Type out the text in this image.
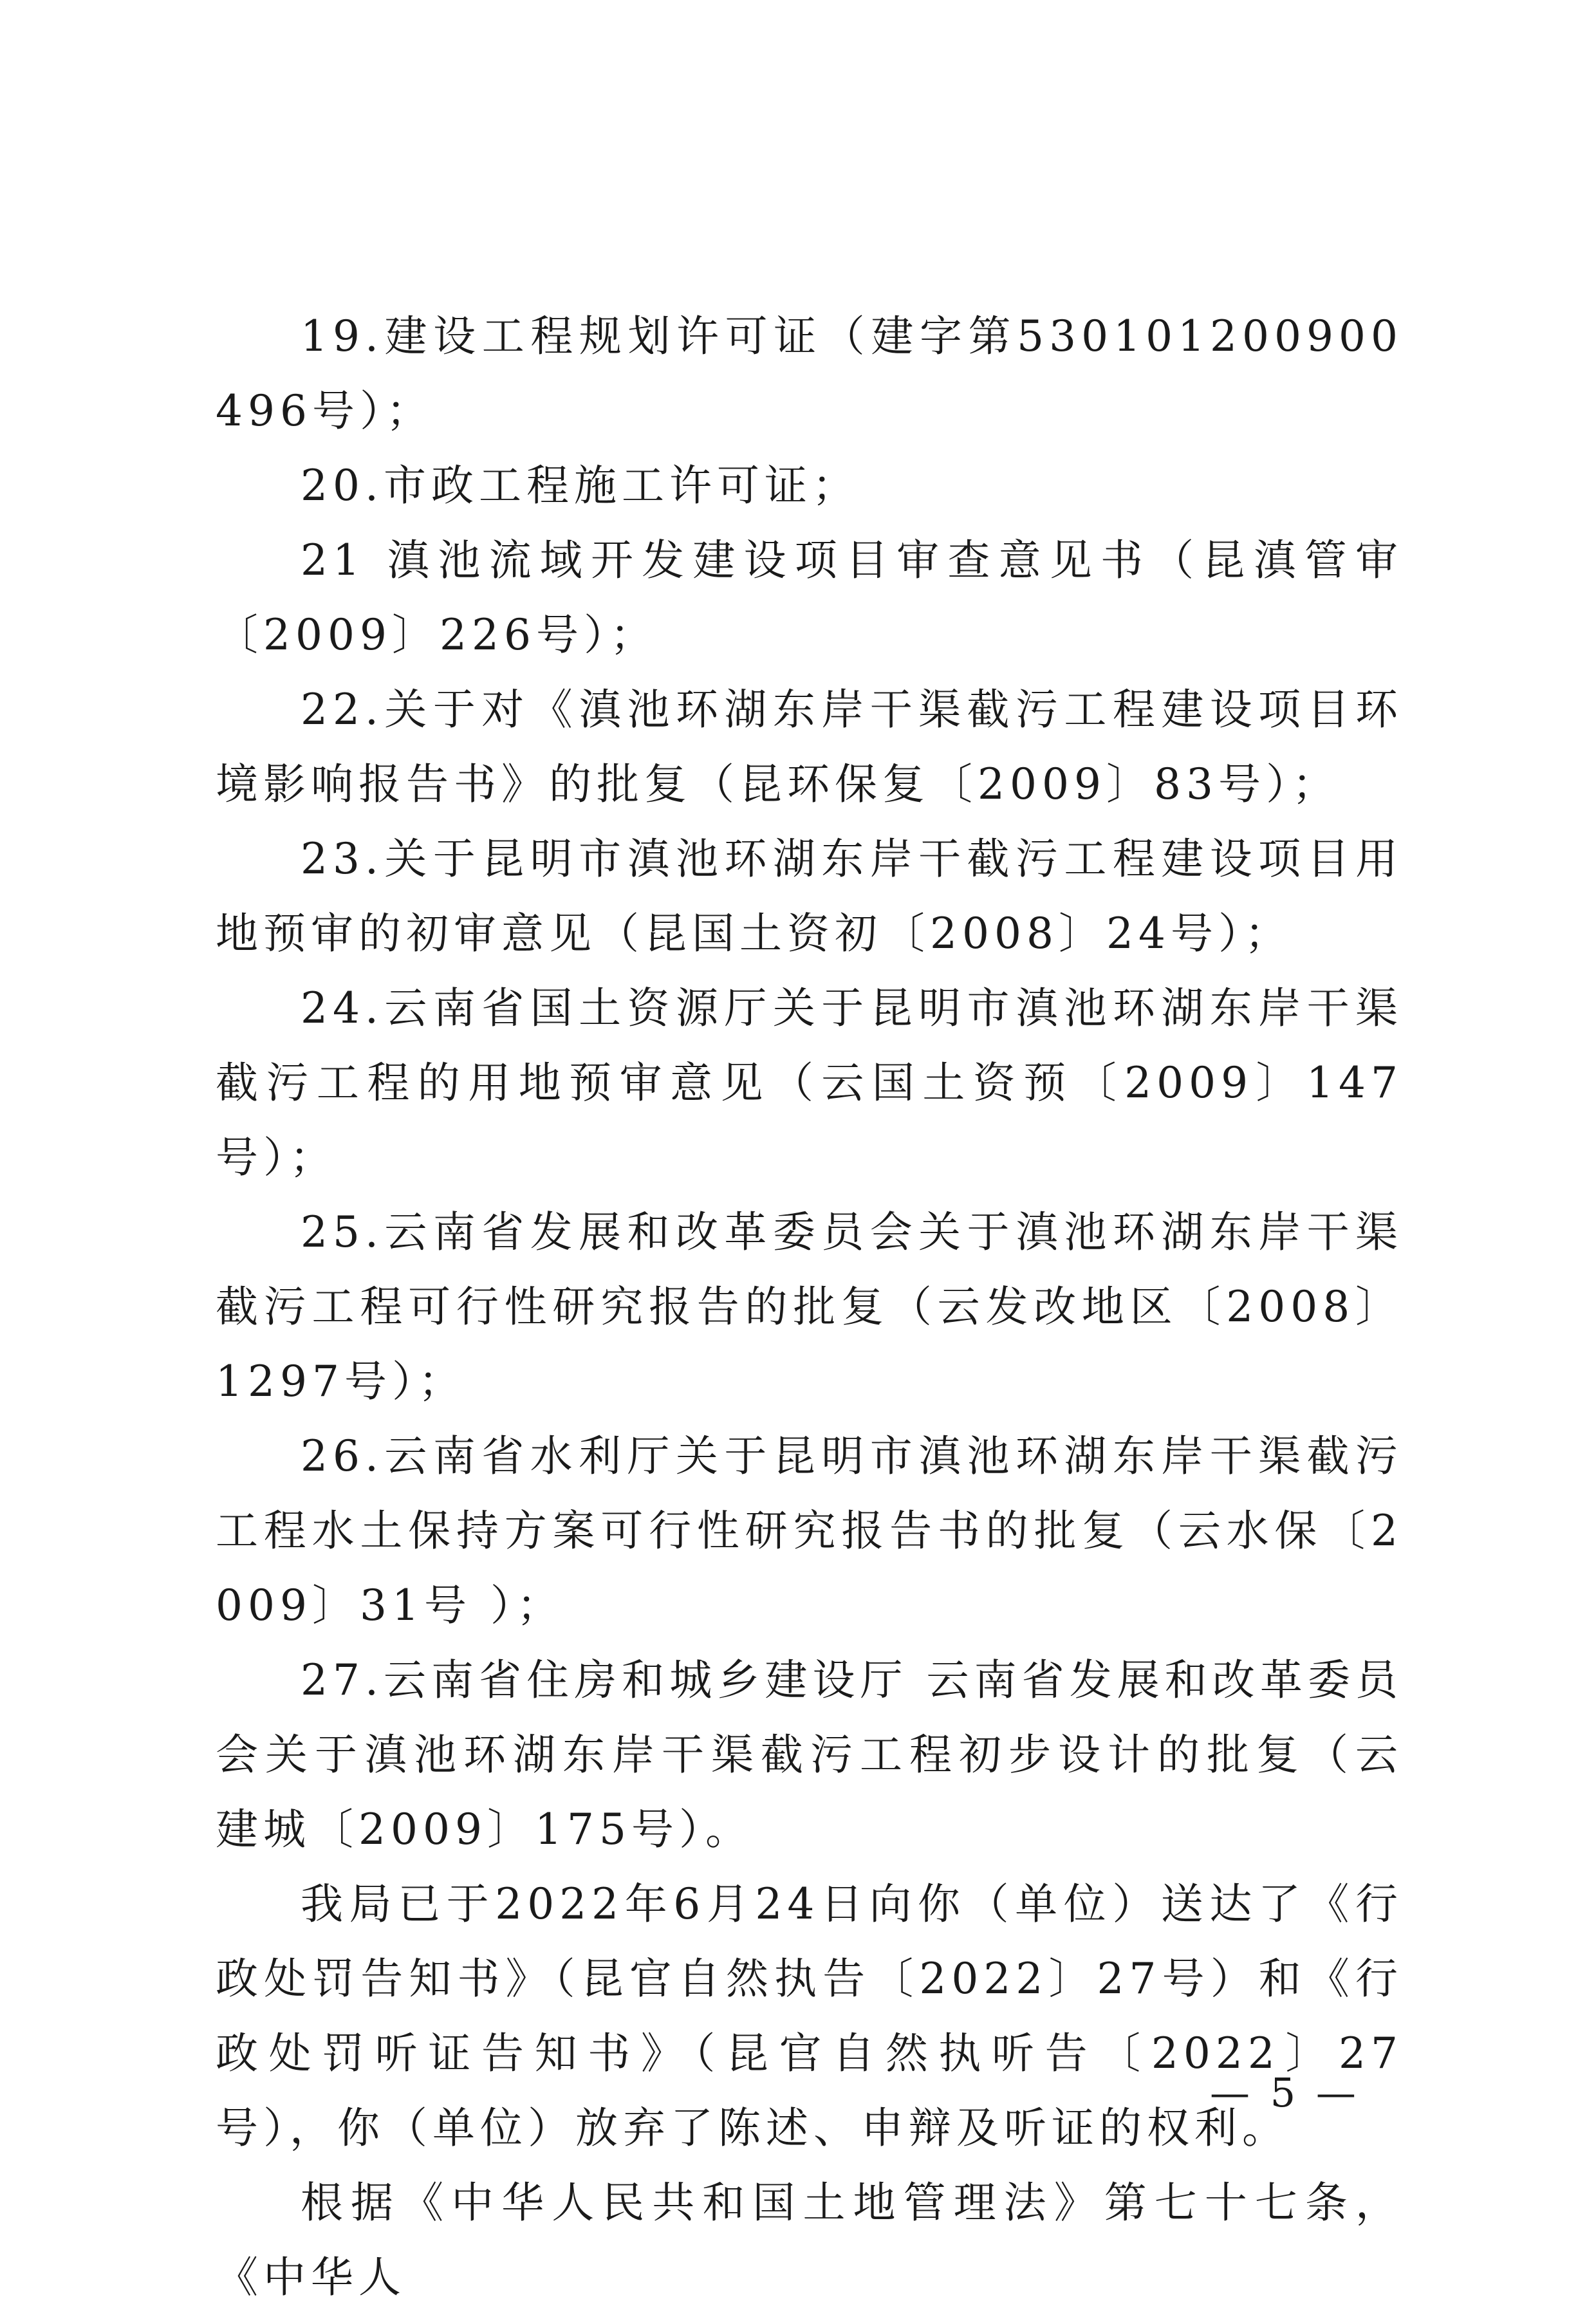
19.建设工程规划许可证（建字第530101200900496号）；

20.市政工程施工许可证；

21 滇池流域开发建设项目审查意见书（昆滇管审〔2009〕226号）；

22.关于对《滇池环湖东岸干渠截污工程建设项目环境影响报告书》的批复（昆环保复〔2009〕83号）；

23.关于昆明市滇池环湖东岸干截污工程建设项目用地预审的初审意见（昆国土资初〔2008〕24号）；

24.云南省国土资源厅关于昆明市滇池环湖东岸干渠截污工程的用地预审意见（云国土资预〔2009〕147号）；

25.云南省发展和改革委员会关于滇池环湖东岸干渠截污工程可行性研究报告的批复（云发改地区〔2008〕1297号）；

26.云南省水利厅关于昆明市滇池环湖东岸干渠截污工程水土保持方案可行性研究报告书的批复（云水保〔2009〕31号 ）；

27.云南省住房和城乡建设厅 云南省发展和改革委员会关于滇池环湖东岸干渠截污工程初步设计的批复（云建城〔2009〕175号）。

我局已于2022年6月24日向你（单位）送达了《行政处罚告知书》（昆官自然执告〔2022〕27号）和《行政处罚听证告知书》（昆官自然执听告〔2022〕27号），你（单位）放弃了陈述、申辩及听证的权利。

根据《中华人民共和国土地管理法》第七十七条，《中华人

— 5 —
